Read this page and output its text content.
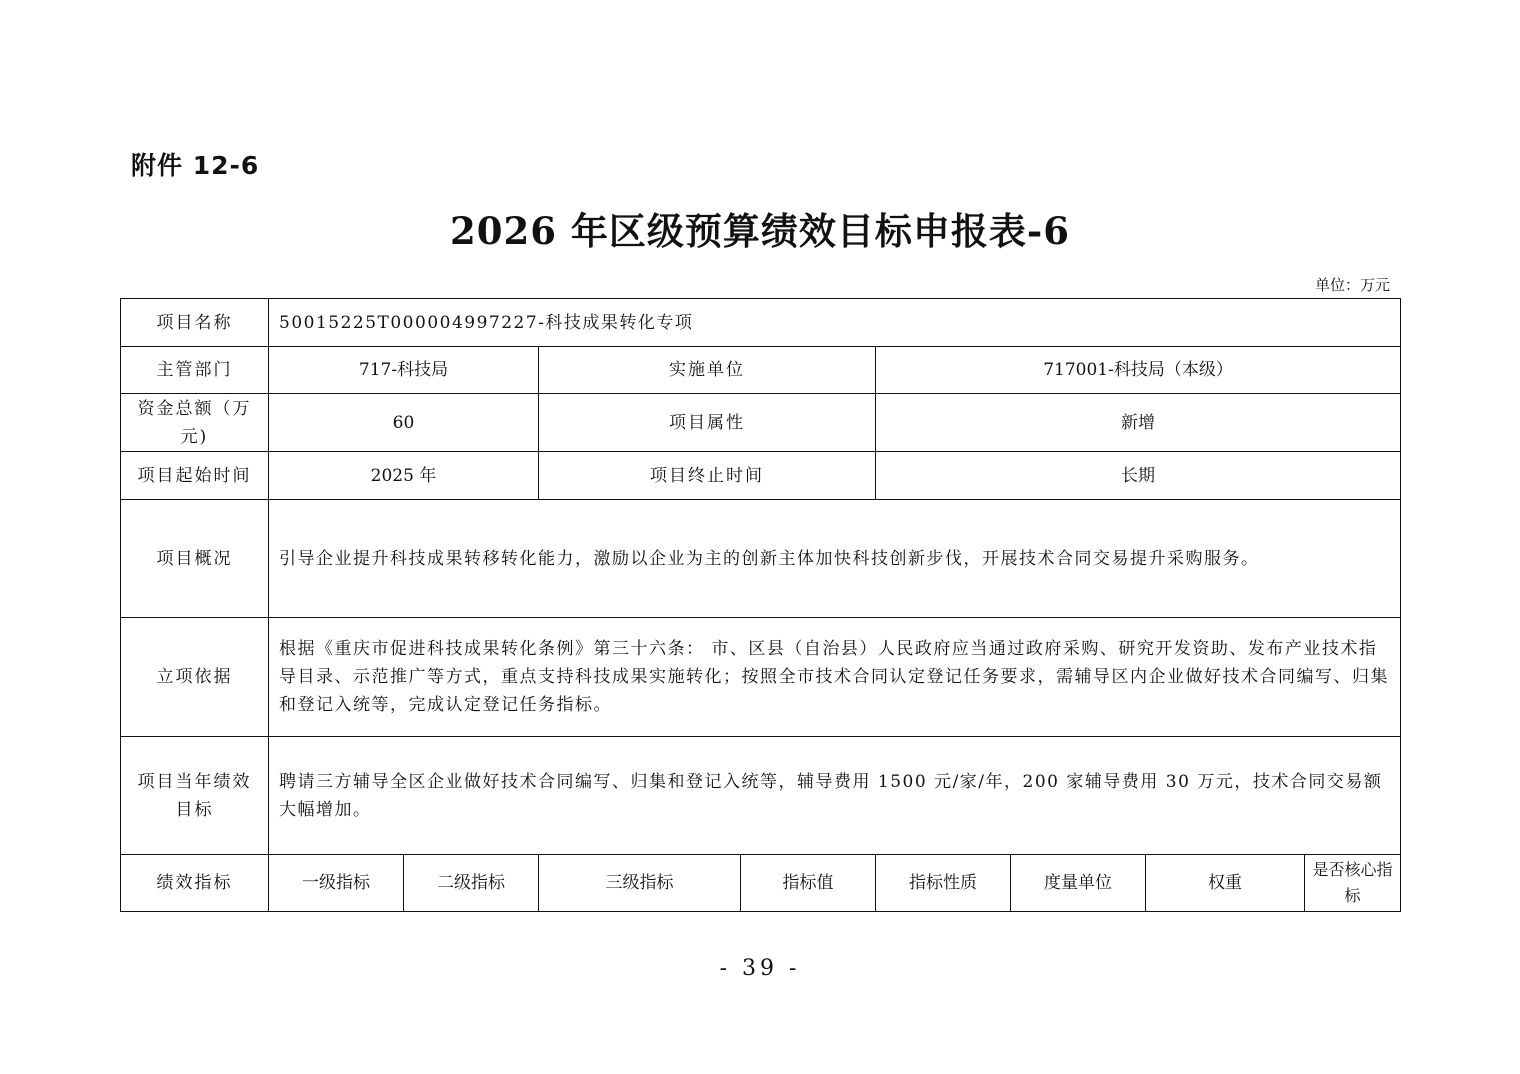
附件 12-6
2026 年区级预算绩效目标申报表-6
单位：万元
项目名称	50015225T000004997227-科技成果转化专项							
主管部门	717-科技局		实施单位		717001-科技局（本级）			
资金总额（万元)	60		项目属性		新增			
项目起始时间	2025 年		项目终止时间		长期			
项目概况	引导企业提升科技成果转移转化能力，激励以企业为主的创新主体加快科技创新步伐，开展技术合同交易提升采购服务。							
立项依据	根据《重庆市促进科技成果转化条例》第三十六条： 市、区县（自治县）人民政府应当通过政府采购、研究开发资助、发布产业技术指导目录、示范推广等方式，重点支持科技成果实施转化；按照全市技术合同认定登记任务要求，需辅导区内企业做好技术合同编写、归集和登记入统等，完成认定登记任务指标。							
项目当年绩效目标	聘请三方辅导全区企业做好技术合同编写、归集和登记入统等，辅导费用 1500 元/家/年，200 家辅导费用 30 万元，技术合同交易额大幅增加。							
绩效指标	一级指标	二级指标	三级指标	指标值	指标性质	度量单位	权重	是否核心指标
- 39 -
